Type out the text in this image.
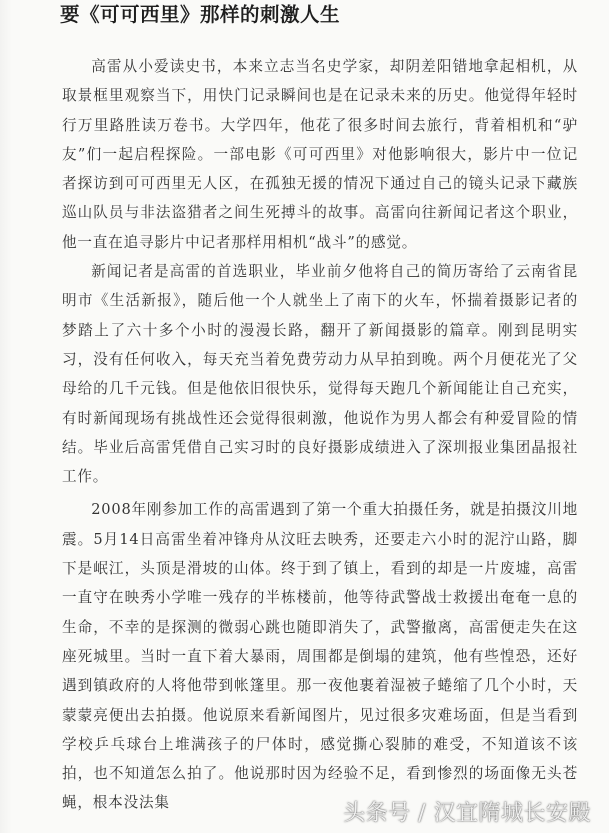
要《可可西里》那样的刺激人生

高雷从小爱读史书，本来立志当名史学家，却阴差阳错地拿起相机，从取景框里观察当下，用快门记录瞬间也是在记录未来的历史。他觉得年轻时行万里路胜读万卷书。大学四年，他花了很多时间去旅行，背着相机和“驴友”们一起启程探险。一部电影《可可西里》对他影响很大，影片中一位记者探访到可可西里无人区，在孤独无援的情况下通过自己的镜头记录下藏族巡山队员与非法盗猎者之间生死搏斗的故事。高雷向往新闻记者这个职业，他一直在追寻影片中记者那样用相机“战斗”的感觉。

新闻记者是高雷的首选职业，毕业前夕他将自己的简历寄给了云南省昆明市《生活新报》，随后他一个人就坐上了南下的火车，怀揣着摄影记者的梦踏上了六十多个小时的漫漫长路，翻开了新闻摄影的篇章。刚到昆明实习，没有任何收入，每天充当着免费劳动力从早拍到晚。两个月便花光了父母给的几千元钱。但是他依旧很快乐，觉得每天跑几个新闻能让自己充实，有时新闻现场有挑战性还会觉得很刺激，他说作为男人都会有种爱冒险的情结。毕业后高雷凭借自己实习时的良好摄影成绩进入了深圳报业集团晶报社工作。

2008年刚参加工作的高雷遇到了第一个重大拍摄任务，就是拍摄汶川地震。5月14日高雷坐着冲锋舟从汶旺去映秀，还要走六小时的泥泞山路，脚下是岷江，头顶是滑坡的山体。终于到了镇上，看到的却是一片废墟，高雷一直守在映秀小学唯一残存的半栋楼前，他等待武警战士救援出奄奄一息的生命，不幸的是探测的微弱心跳也随即消失了，武警撤离，高雷便走失在这座死城里。当时一直下着大暴雨，周围都是倒塌的建筑，他有些惶恐，还好遇到镇政府的人将他带到帐篷里。那一夜他裹着湿被子蜷缩了几个小时，天蒙蒙亮便出去拍摄。他说原来看新闻图片，见过很多灾难场面，但是当看到学校乒乓球台上堆满孩子的尸体时，感觉撕心裂肺的难受，不知道该不该拍，也不知道怎么拍了。他说那时因为经验不足，看到惨烈的场面像无头苍蝇，根本没法集	头条号 / 汉宜隋城长安殿
